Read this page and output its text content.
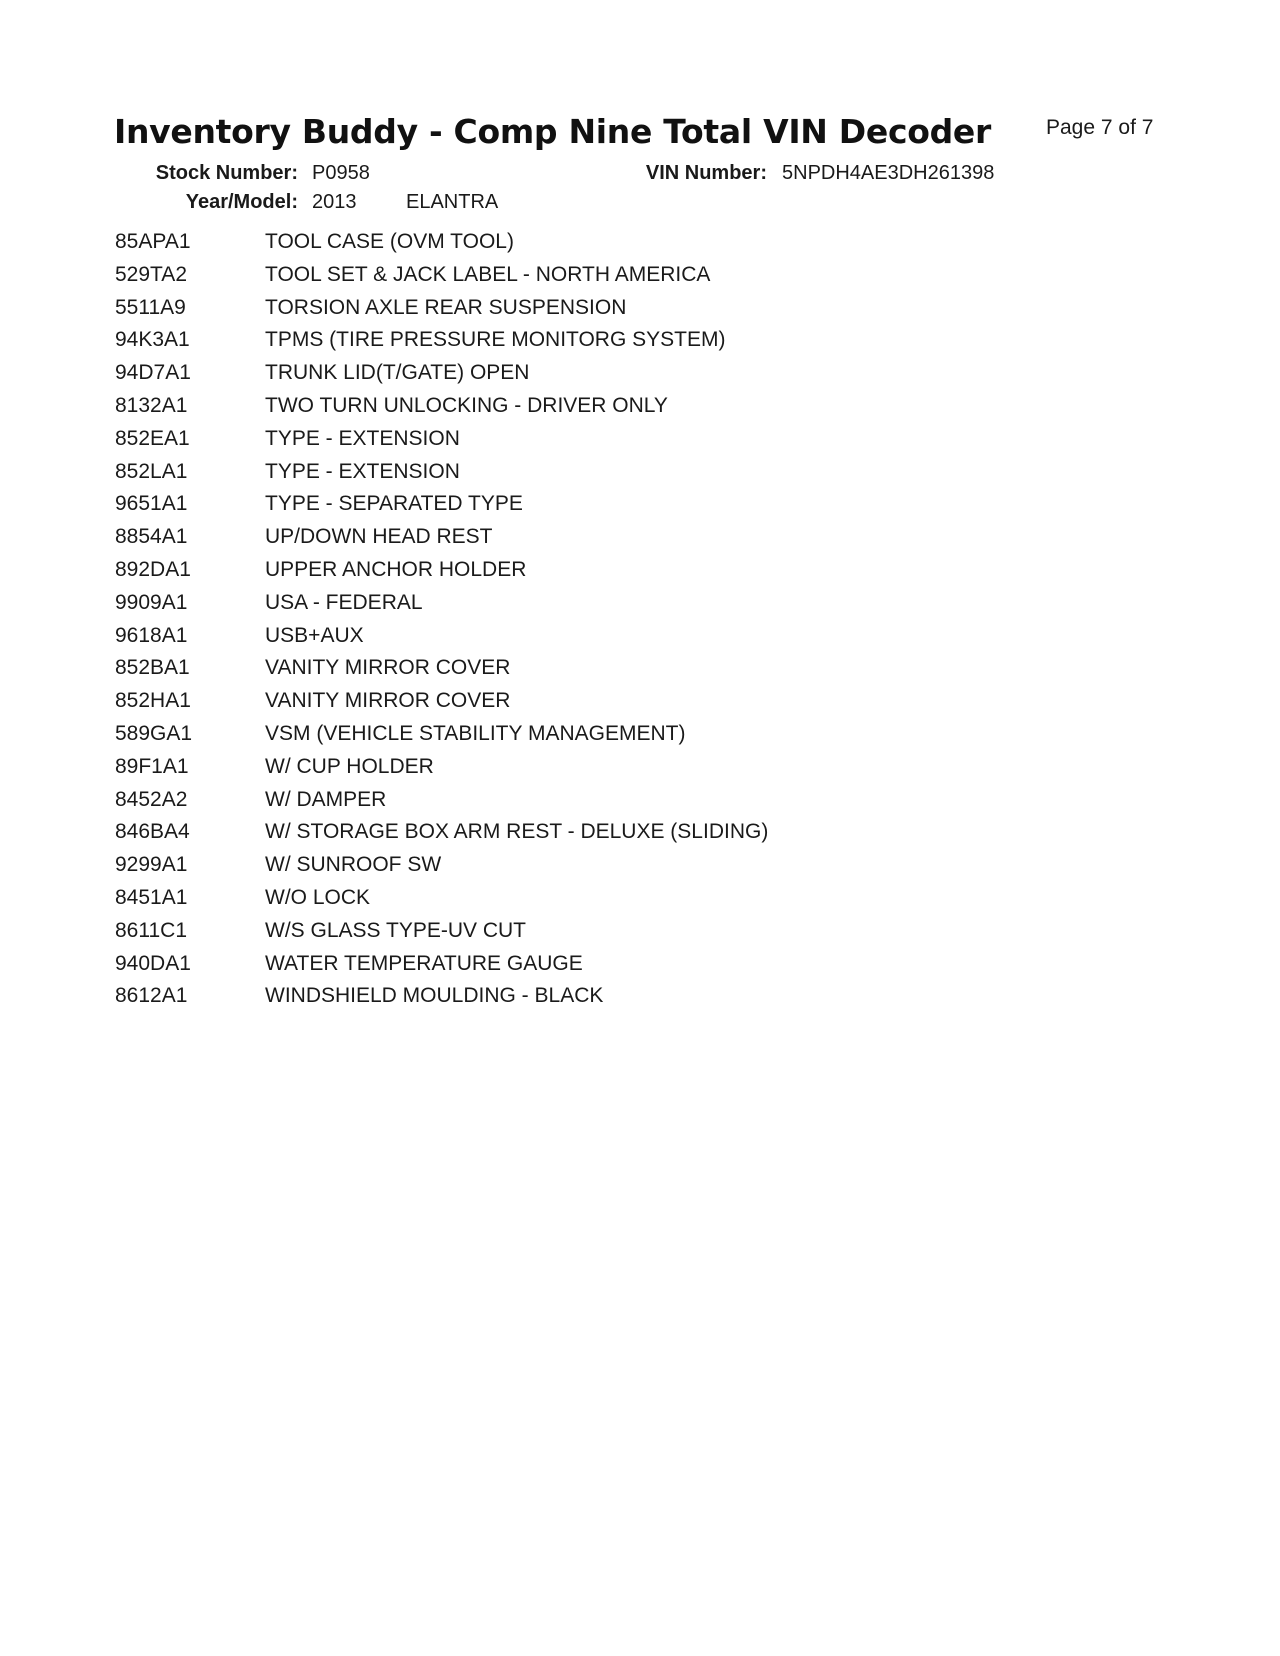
Inventory Buddy - Comp Nine Total VIN Decoder	Page 7 of 7
Stock Number: P0958	VIN Number: 5NPDH4AE3DH261398
Year/Model: 2013 ELANTRA
85APA1	TOOL CASE (OVM TOOL)
529TA2	TOOL SET & JACK LABEL - NORTH AMERICA
5511A9	TORSION AXLE REAR SUSPENSION
94K3A1	TPMS (TIRE PRESSURE MONITORG SYSTEM)
94D7A1	TRUNK LID(T/GATE) OPEN
8132A1	TWO TURN UNLOCKING - DRIVER ONLY
852EA1	TYPE - EXTENSION
852LA1	TYPE - EXTENSION
9651A1	TYPE - SEPARATED TYPE
8854A1	UP/DOWN HEAD REST
892DA1	UPPER ANCHOR HOLDER
9909A1	USA - FEDERAL
9618A1	USB+AUX
852BA1	VANITY MIRROR COVER
852HA1	VANITY MIRROR COVER
589GA1	VSM (VEHICLE STABILITY MANAGEMENT)
89F1A1	W/ CUP HOLDER
8452A2	W/ DAMPER
846BA4	W/ STORAGE BOX ARM REST - DELUXE (SLIDING)
9299A1	W/ SUNROOF SW
8451A1	W/O LOCK
8611C1	W/S GLASS TYPE-UV CUT
940DA1	WATER TEMPERATURE GAUGE
8612A1	WINDSHIELD MOULDING - BLACK
